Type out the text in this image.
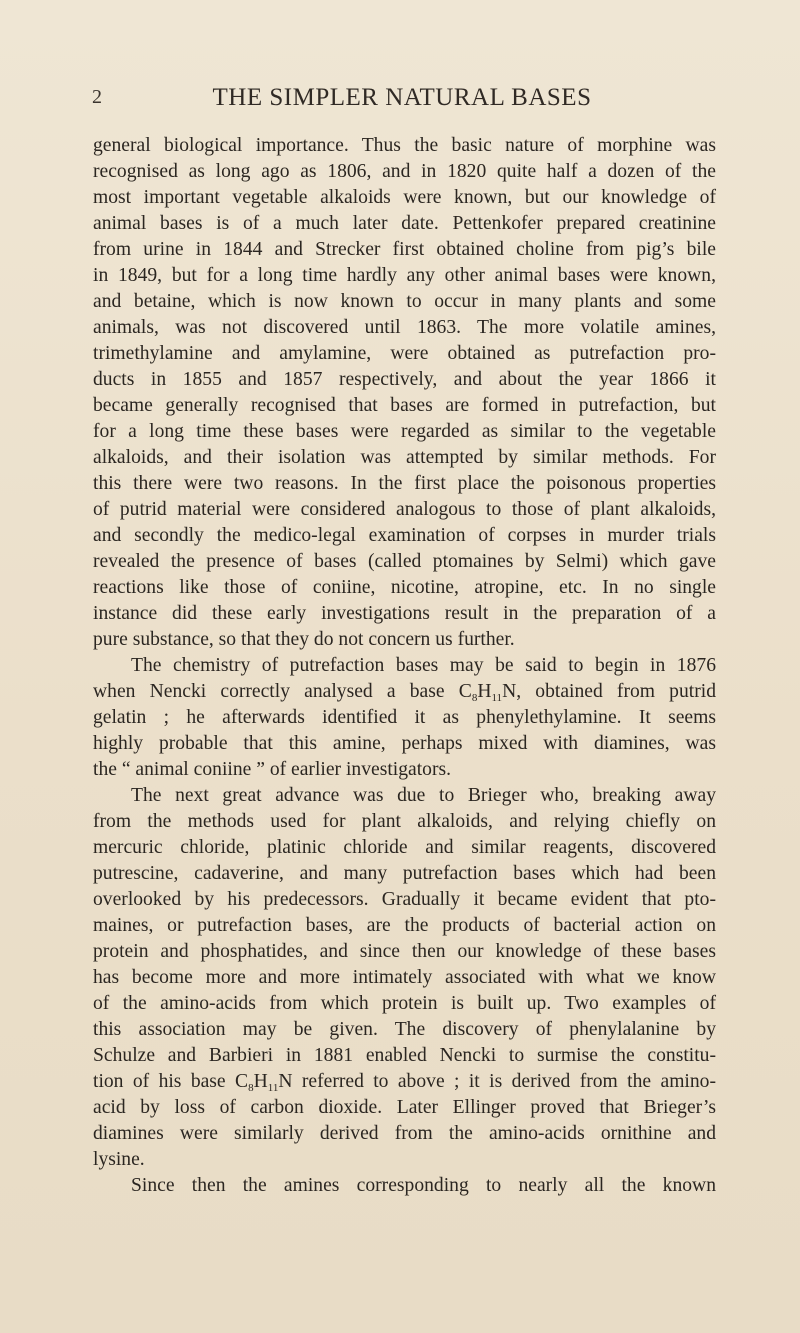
2	THE SIMPLER NATURAL BASES
general biological importance. Thus the basic nature of morphine was
recognised as long ago as 1806, and in 1820 quite half a dozen of the
most important vegetable alkaloids were known, but our knowledge of
animal bases is of a much later date. Pettenkofer prepared creatinine
from urine in 1844 and Strecker first obtained choline from pig’s bile
in 1849, but for a long time hardly any other animal bases were known,
and betaine, which is now known to occur in many plants and some
animals, was not discovered until 1863. The more volatile amines,
trimethylamine and amylamine, were obtained as putrefaction pro-
ducts in 1855 and 1857 respectively, and about the year 1866 it
became generally recognised that bases are formed in putrefaction, but
for a long time these bases were regarded as similar to the vegetable
alkaloids, and their isolation was attempted by similar methods. For
this there were two reasons. In the first place the poisonous properties
of putrid material were considered analogous to those of plant alkaloids,
and secondly the medico-legal examination of corpses in murder trials
revealed the presence of bases (called ptomaines by Selmi) which gave
reactions like those of coniine, nicotine, atropine, etc. In no single
instance did these early investigations result in the preparation of a
pure substance, so that they do not concern us further.
The chemistry of putrefaction bases may be said to begin in 1876
when Nencki correctly analysed a base $C_8H_{11}N$, obtained from putrid
gelatin ; he afterwards identified it as phenylethylamine. It seems
highly probable that this amine, perhaps mixed with diamines, was
the “ animal coniine ” of earlier investigators.
The next great advance was due to Brieger who, breaking away
from the methods used for plant alkaloids, and relying chiefly on
mercuric chloride, platinic chloride and similar reagents, discovered
putrescine, cadaverine, and many putrefaction bases which had been
overlooked by his predecessors. Gradually it became evident that pto-
maines, or putrefaction bases, are the products of bacterial action on
protein and phosphatides, and since then our knowledge of these bases
has become more and more intimately associated with what we know
of the amino-acids from which protein is built up. Two examples of
this association may be given. The discovery of phenylalanine by
Schulze and Barbieri in 1881 enabled Nencki to surmise the constitu-
tion of his base $C_8H_{11}N$ referred to above ; it is derived from the amino-
acid by loss of carbon dioxide. Later Ellinger proved that Brieger’s
diamines were similarly derived from the amino-acids ornithine and
lysine.
Since then the amines corresponding to nearly all the known
